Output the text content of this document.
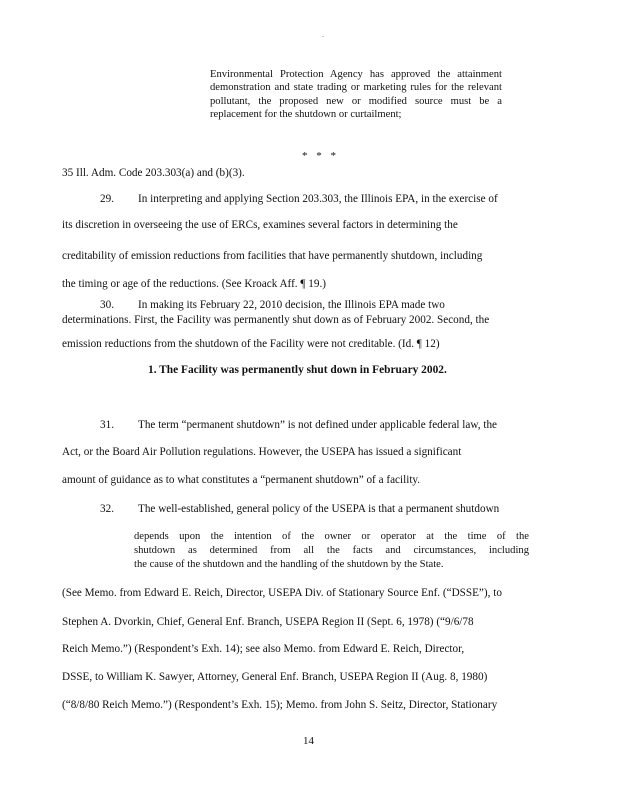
.
Environmental Protection Agency has approved the attainment demonstration and state trading or marketing rules for the relevant pollutant, the proposed new or modified source must be a replacement for the shutdown or curtailment;
* * *
35 Ill. Adm. Code 203.303(a) and (b)(3).
29. In interpreting and applying Section 203.303, the Illinois EPA, in the exercise of
its discretion in overseeing the use of ERCs, examines several factors in determining the
creditability of emission reductions from facilities that have permanently shutdown, including
the timing or age of the reductions. (See Kroack Aff. ¶ 19.)
30. In making its February 22, 2010 decision, the Illinois EPA made two
determinations. First, the Facility was permanently shut down as of February 2002. Second, the
1. The Facility was permanently shut down in February 2002.
31. The term “permanent shutdown” is not defined under applicable federal law, the
Act, or the Board Air Pollution regulations. However, the USEPA has issued a significant
amount of guidance as to what constitutes a “permanent shutdown” of a facility.
32. The well-established, general policy of the USEPA is that a permanent shutdown
depends upon the intention of the owner or operator at the time of the
shutdown as determined from all the facts and circumstances, including
the cause of the shutdown and the handling of the shutdown by the State.
(See Memo. from Edward E. Reich, Director, USEPA Div. of Stationary Source Enf. (“DSSE”), to
Stephen A. Dvorkin, Chief, General Enf. Branch, USEPA Region II (Sept. 6, 1978) (“9/6/78
Reich Memo.”) (Respondent’s Exh. 14); see also Memo. from Edward E. Reich, Director,
DSSE, to William K. Sawyer, Attorney, General Enf. Branch, USEPA Region II (Aug. 8, 1980)
(“8/8/80 Reich Memo.”) (Respondent’s Exh. 15); Memo. from John S. Seitz, Director, Stationary
14
emission reductions from the shutdown of the Facility were not creditable. (Id. ¶ 12)
